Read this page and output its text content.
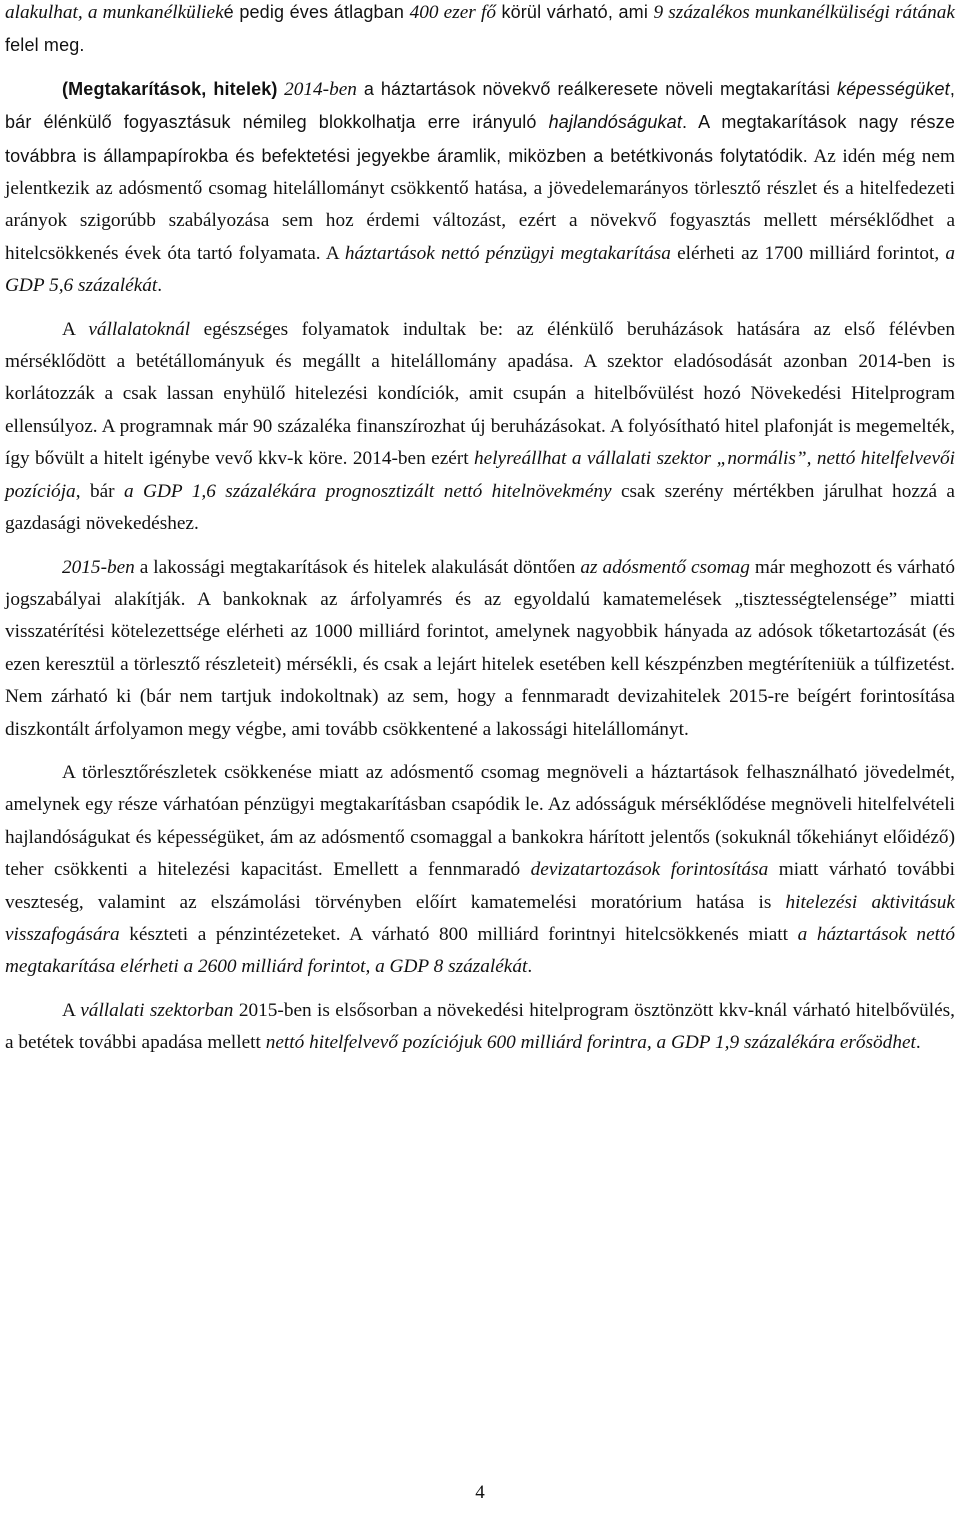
alakulhat, a munkanélkülieké pedig éves átlagban 400 ezer fő körül várható, ami 9 százalékos munkanélküliségi rátának felel meg.

(Megtakarítások, hitelek) 2014-ben a háztartások növekvő reálkeresete növeli megtakarítási képességüket, bár élénkülő fogyasztásuk némileg blokkolhatja erre irányuló hajlandóságukat. A megtakarítások nagy része továbbra is állampapírokba és befektetési jegyekbe áramlik, miközben a betétkivonás folytatódik. Az idén még nem jelentkezik az adósmentő csomag hitelállományt csökkentő hatása, a jövedelemarányos törlesztő részlet és a hitelfedezeti arányok szigorúbb szabályozása sem hoz érdemi változást, ezért a növekvő fogyasztás mellett mérséklődhet a hitelcsökkenés évek óta tartó folyamata. A háztartások nettó pénzügyi megtakarítása elérheti az 1700 milliárd forintot, a GDP 5,6 százalékát.

A vállalatoknál egészséges folyamatok indultak be: az élénkülő beruházások hatására az első félévben mérséklődött a betétállományuk és megállt a hitelállomány apadása. A szektor eladósodását azonban 2014-ben is korlátozzák a csak lassan enyhülő hitelezési kondíciók, amit csupán a hitelbővülést hozó Növekedési Hitelprogram ellensúlyoz. A programnak már 90 százaléka finanszírozhat új beruházásokat. A folyósítható hitel plafonját is megemelték, így bővült a hitelt igénybe vevő kkv-k köre. 2014-ben ezért helyreállhat a vállalati szektor „normális”, nettó hitelfelvevői pozíciója, bár a GDP 1,6 százalékára prognosztizált nettó hitelnövekmény csak szerény mértékben járulhat hozzá a gazdasági növekedéshez.

2015-ben a lakossági megtakarítások és hitelek alakulását döntően az adósmentő csomag már meghozott és várható jogszabályai alakítják. A bankoknak az árfolyamrés és az egyoldalú kamatemelések „tisztességtelensége” miatti visszatérítési kötelezettsége elérheti az 1000 milliárd forintot, amelynek nagyobbik hányada az adósok tőketartozását (és ezen keresztül a törlesztő részleteit) mérsékli, és csak a lejárt hitelek esetében kell készpénzben megtéríteniük a túlfizetést. Nem zárható ki (bár nem tartjuk indokoltnak) az sem, hogy a fennmaradt devizahitelek 2015-re beígért forintosítása diszkontált árfolyamon megy végbe, ami tovább csökkentené a lakossági hitelállományt.

A törlesztőrészletek csökkenése miatt az adósmentő csomag megnöveli a háztartások felhasználható jövedelmét, amelynek egy része várhatóan pénzügyi megtakarításban csapódik le. Az adósságuk mérséklődése megnöveli hitelfelvételi hajlandóságukat és képességüket, ám az adósmentő csomaggal a bankokra hárított jelentős (sokuknál tőkehiányt előidéző) teher csökkenti a hitelezési kapacitást. Emellett a fennmaradó devizatartozások forintosítása miatt várható további veszteség, valamint az elszámolási törvényben előírt kamatemelési moratórium hatása is hitelezési aktivitásuk visszafogására készteti a pénzintézeteket. A várható 800 milliárd forintnyi hitelcsökkenés miatt a háztartások nettó megtakarítása elérheti a 2600 milliárd forintot, a GDP 8 százalékát.

A vállalati szektorban 2015-ben is elsősorban a növekedési hitelprogram ösztönzött kkv-knál várható hitelbővülés, a betétek további apadása mellett nettó hitelfelvevő pozíciójuk 600 milliárd forintra, a GDP 1,9 százalékára erősödhet.

4
